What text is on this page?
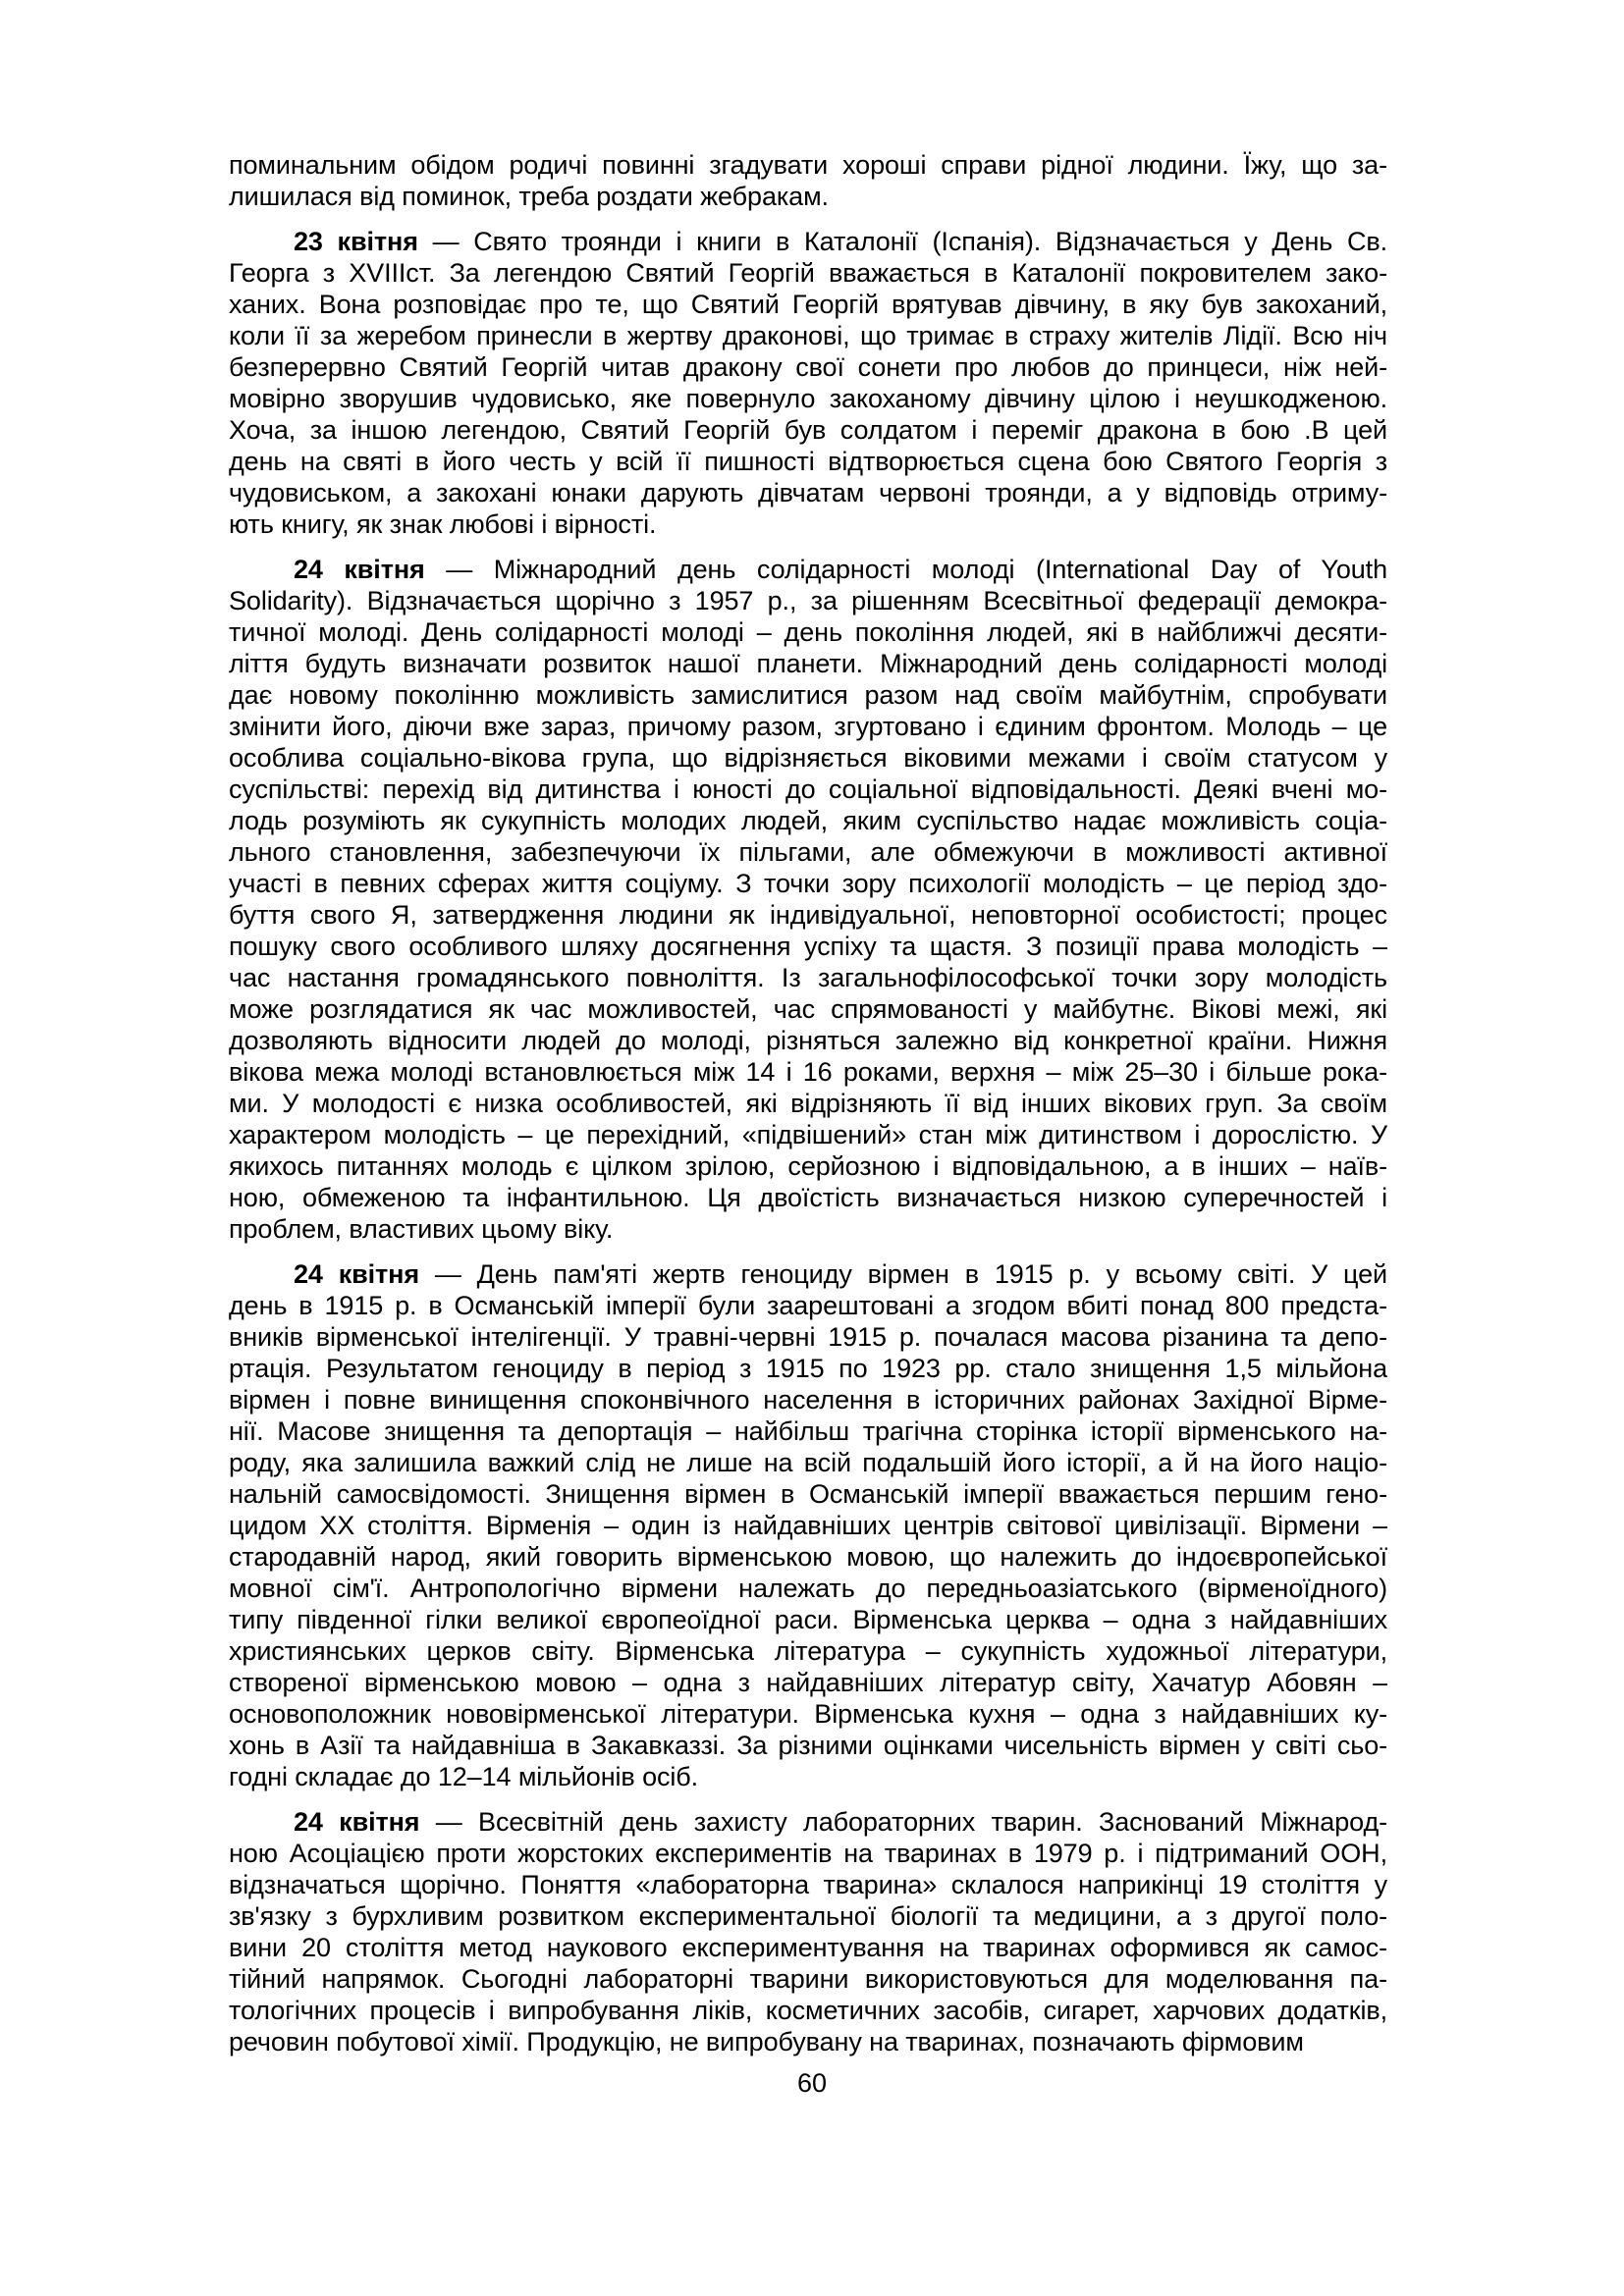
поминальним обідом родичі повинні згадувати хороші справи рідної людини. Їжу, що за-
лишилася від поминок, треба роздати жебракам.
23 квітня — Свято троянди і книги в Каталонії (Іспанія). Відзначається у День Св.
Георга з XVIIIст. За легендою Святий Георгій вважається в Каталонії покровителем зако-
ханих. Вона розповідає про те, що Святий Георгій врятував дівчину, в яку був закоханий,
коли її за жеребом принесли в жертву драконові, що тримає в страху жителів Лідії. Всю ніч
безперервно Святий Георгій читав дракону свої сонети про любов до принцеси, ніж ней-
мовірно зворушив чудовисько, яке повернуло закоханому дівчину цілою і неушкодженою.
Хоча, за іншою легендою, Святий Георгій був солдатом і переміг дракона в бою .В цей
день на святі в його честь у всій її пишності відтворюється сцена бою Святого Георгія з
чудовиськом, а закохані юнаки дарують дівчатам червоні троянди, а у відповідь отриму-
ють книгу, як знак любові і вірності.
24 квітня — Міжнародний день солідарності молоді (International Day of Youth
Solidarity). Відзначається щорічно з 1957 р., за рішенням Всесвітньої федерації демокра-
тичної молоді. День солідарності молоді – день покоління людей, які в найближчі десяти-
ліття будуть визначати розвиток нашої планети. Міжнародний день солідарності молоді
дає новому поколінню можливість замислитися разом над своїм майбутнім, спробувати
змінити його, діючи вже зараз, причому разом, згуртовано і єдиним фронтом. Молодь – це
особлива соціально-вікова група, що відрізняється віковими межами і своїм статусом у
суспільстві: перехід від дитинства і юності до соціальної відповідальності. Деякі вчені мо-
лодь розуміють як сукупність молодих людей, яким суспільство надає можливість соціа-
льного становлення, забезпечуючи їх пільгами, але обмежуючи в можливості активної
участі в певних сферах життя соціуму. З точки зору психології молодість – це період здо-
буття свого Я, затвердження людини як індивідуальної, неповторної особистості; процес
пошуку свого особливого шляху досягнення успіху та щастя. З позиції права молодість –
час настання громадянського повноліття. Із загальнофілософської точки зору молодість
може розглядатися як час можливостей, час спрямованості у майбутнє. Вікові межі, які
дозволяють відносити людей до молоді, різняться залежно від конкретної країни. Нижня
вікова межа молоді встановлюється між 14 і 16 роками, верхня – між 25–30 і більше рока-
ми. У молодості є низка особливостей, які відрізняють її від інших вікових груп. За своїм
характером молодість – це перехідний, «підвішений» стан між дитинством і дорослістю. У
якихось питаннях молодь є цілком зрілою, серйозною і відповідальною, а в інших – наїв-
ною, обмеженою та інфантильною. Ця двоїстість визначається низкою суперечностей і
проблем, властивих цьому віку.
24 квітня — День пам'яті жертв геноциду вірмен в 1915 р. у всьому світі. У цей
день в 1915 р. в Османській імперії були заарештовані а згодом вбиті понад 800 предста-
вників вірменської інтелігенції. У травні-червні 1915 р. почалася масова різанина та депо-
ртація. Результатом геноциду в період з 1915 по 1923 рр. стало знищення 1,5 мільйона
вірмен і повне винищення споконвічного населення в історичних районах Західної Вірме-
нії. Масове знищення та депортація – найбільш трагічна сторінка історії вірменського на-
роду, яка залишила важкий слід не лише на всій подальшій його історії, а й на його націо-
нальній самосвідомості. Знищення вірмен в Османській імперії вважається першим гено-
цидом XX століття. Вірменія – один із найдавніших центрів світової цивілізації. Вірмени –
стародавній народ, який говорить вірменською мовою, що належить до індоєвропейської
мовної сім'ї. Антропологічно вірмени належать до передньоазіатського (вірменоїдного)
типу південної гілки великої європеоїдної раси. Вірменська церква – одна з найдавніших
християнських церков світу. Вірменська література – сукупність художньої літератури,
створеної вірменською мовою – одна з найдавніших літератур світу, Хачатур Абовян –
основоположник нововірменської літератури. Вірменська кухня – одна з найдавніших ку-
хонь в Азії та найдавніша в Закавказзі. За різними оцінками чисельність вірмен у світі сьо-
годні складає до 12–14 мільйонів осіб.
24 квітня — Всесвітній день захисту лабораторних тварин. Заснований Міжнарод-
ною Асоціацією проти жорстоких експериментів на тваринах в 1979 р. і підтриманий ООН,
відзначаться щорічно. Поняття «лабораторна тварина» склалося наприкінці 19 століття у
зв'язку з бурхливим розвитком експериментальної біології та медицини, а з другої поло-
вини 20 століття метод наукового експериментування на тваринах оформився як самос-
тійний напрямок. Сьогодні лабораторні тварини використовуються для моделювання па-
тологічних процесів і випробування ліків, косметичних засобів, сигарет, харчових додатків,
речовин побутової хімії. Продукцію, не випробувану на тваринах, позначають фірмовим
60
